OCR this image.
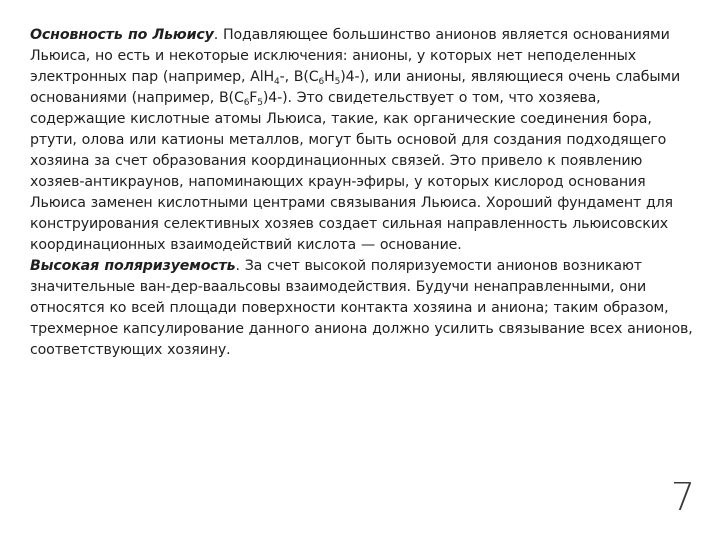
Основность по Льюису. Подавляющее большинство анионов является основаниями Льюиса, но есть и некоторые исключения: анионы, у которых нет неподеленных электронных пар (например, AlH$_4$-, $B(C_6H_5)4-$), или анионы, являющиеся очень слабыми основаниями (например, $B(C_6F_5)4-$). Это свидетельствует о том, что хозяева, содержащие кислотные атомы Льюиса, такие, как органические соединения бора, ртути, олова или катионы металлов, могут быть основой для создания подходящего хозяина за счет образования координационных связей. Это привело к появлению хозяев-антикраунов, напоминающих краун-эфиры, у которых кислород основания Льюиса заменен кислотными центрами связывания Льюиса. Хороший фундамент для конструирования селективных хозяев создает сильная направленность льюисовских координационных взаимодействий кислота — основание.

Высокая поляризуемость. За счет высокой поляризуемости анионов возникают значительные ван-дер-ваальсовы взаимодействия. Будучи ненаправленными, они относятся ко всей площади поверхности контакта хозяина и аниона; таким образом, трехмерное капсулирование данного аниона должно усилить связывание всех анионов, соответствующих хозяину.

7
